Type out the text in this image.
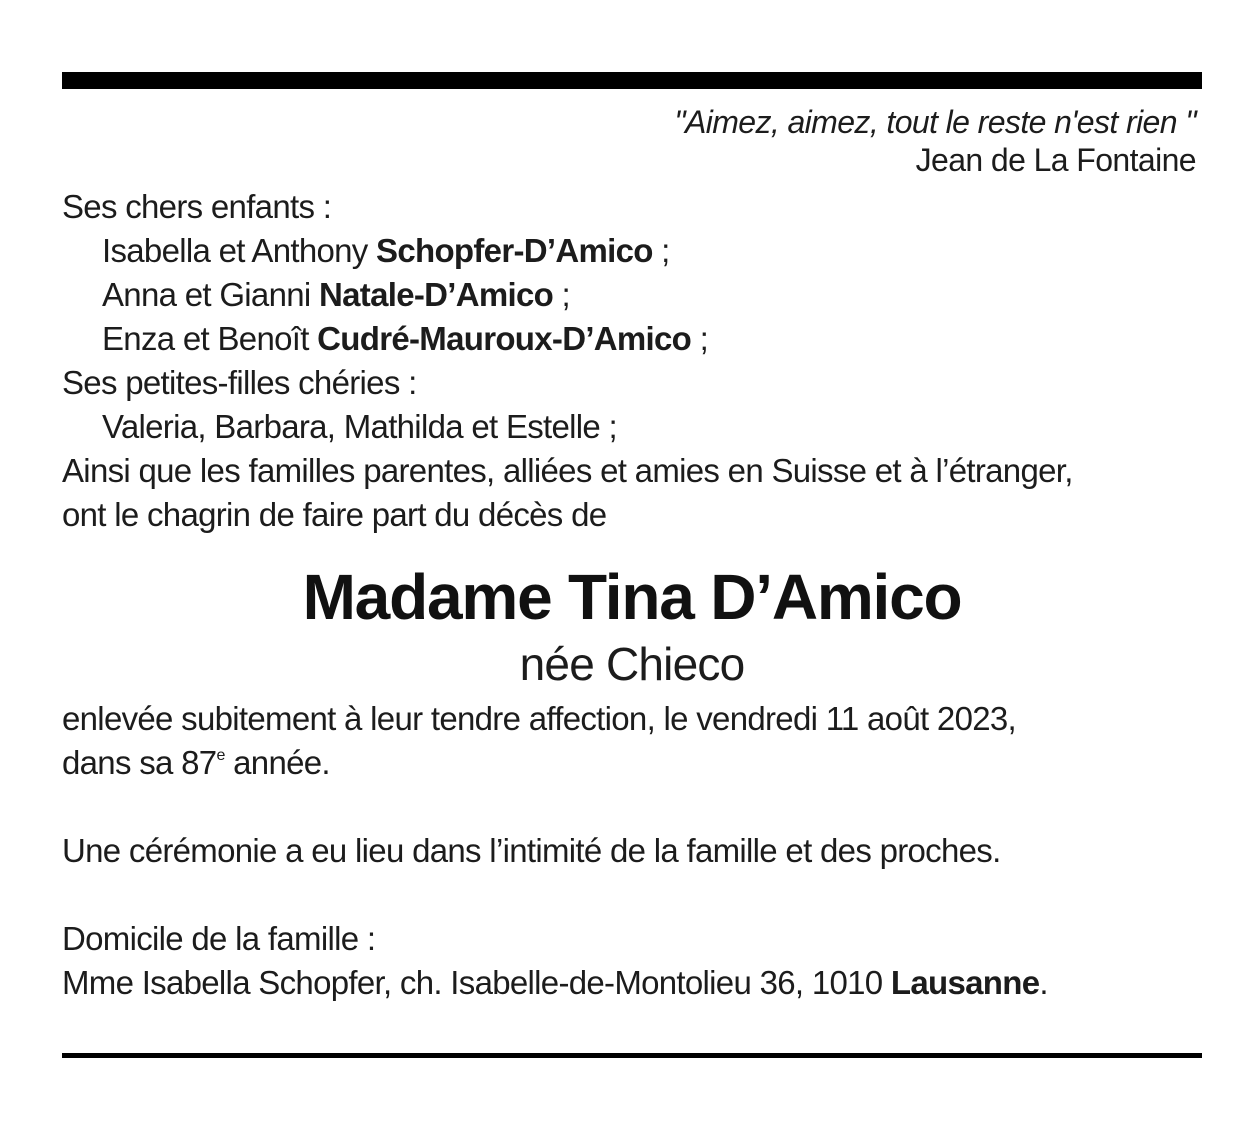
"Aimez, aimez, tout le reste n'est rien "
Jean de La Fontaine
Ses chers enfants :
Isabella et Anthony Schopfer-D’Amico ;
Anna et Gianni Natale-D’Amico ;
Enza et Benoît Cudré-Mauroux-D’Amico ;
Ses petites-filles chéries :
Valeria, Barbara, Mathilda et Estelle ;
Ainsi que les familles parentes, alliées et amies en Suisse et à l’étranger,
ont le chagrin de faire part du décès de
Madame Tina D’Amico
née Chieco
enlevée subitement à leur tendre affection, le vendredi 11 août 2023,
dans sa 87e année.
Une cérémonie a eu lieu dans l’intimité de la famille et des proches.
Domicile de la famille :
Mme Isabella Schopfer, ch. Isabelle-de-Montolieu 36, 1010 Lausanne.
